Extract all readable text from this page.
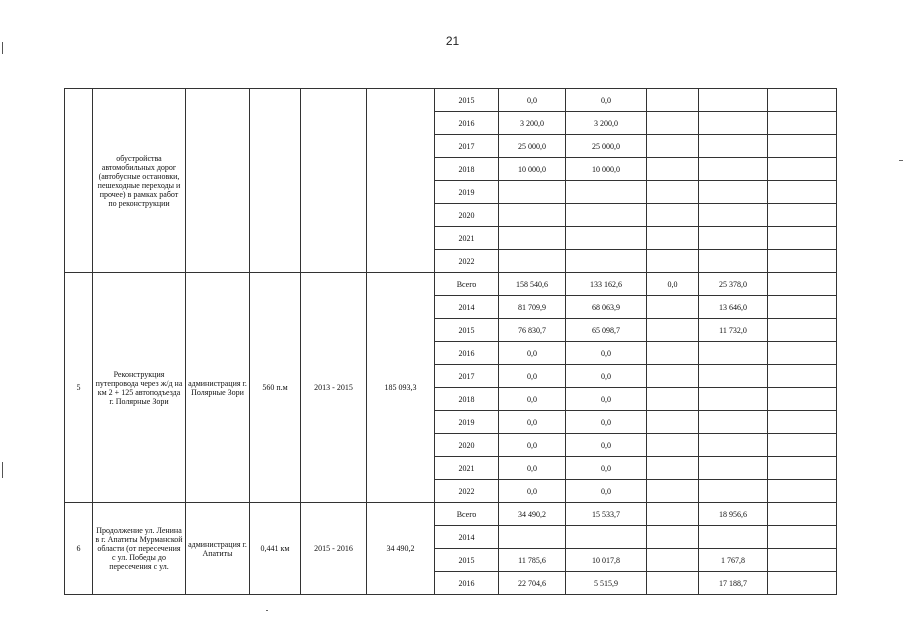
21
	обустройства автомобильных дорог (автобусные остановки, пешеходные переходы и прочее) в рамках работ по реконструкции					2015	0,0	0,0			
						2016	3 200,0	3 200,0			
						2017	25 000,0	25 000,0			
						2018	10 000,0	10 000,0			
						2019					
						2020					
						2021					
						2022					
5	Реконструкция путепровода через ж/д на км 2 + 125 автоподъезда г. Полярные Зори	администрация г. Полярные Зори	560 п.м	2013 - 2015	185 093,3	Всего	158 540,6	133 162,6	0,0	25 378,0	
						2014	81 709,9	68 063,9		13 646,0	
						2015	76 830,7	65 098,7		11 732,0	
						2016	0,0	0,0			
						2017	0,0	0,0			
						2018	0,0	0,0			
						2019	0,0	0,0			
						2020	0,0	0,0			
						2021	0,0	0,0			
						2022	0,0	0,0			
6	Продолжение ул. Ленина в г. Апатиты Мурманской области (от пересечения с ул. Победы до пересечения с ул.	администрация г. Апатиты	0,441 км	2015 - 2016	34 490,2	Всего	34 490,2	15 533,7		18 956,6	
						2014					
						2015	11 785,6	10 017,8		1 767,8	
						2016	22 704,6	5 515,9		17 188,7	
